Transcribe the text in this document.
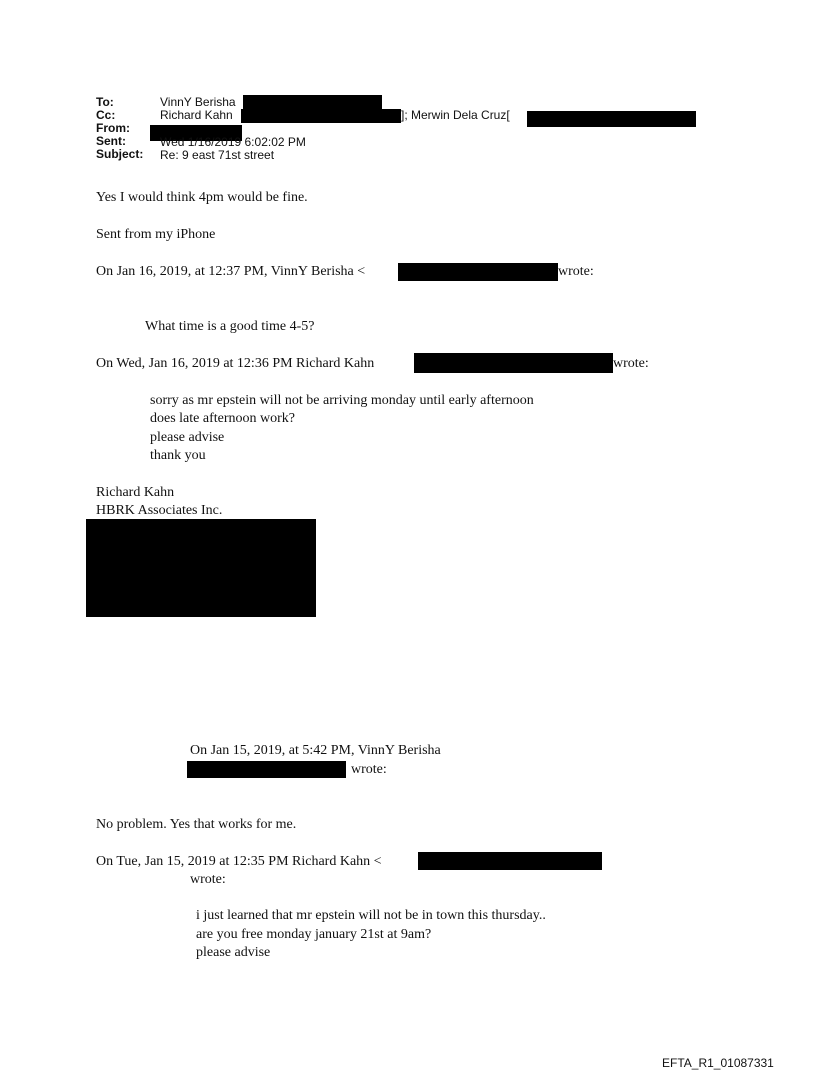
To:	VinnY Berisha
Cc:	Richard Kahn	]; Merwin Dela Cruz[
From:
Sent:	Wed 1/16/2019 6:02:02 PM
Subject: Re: 9 east 71st street
Yes I would think 4pm would be fine.
Sent from my iPhone
On Jan 16, 2019, at 12:37 PM, VinnY Berisha <	wrote:
What time is a good time 4-5?
On Wed, Jan 16, 2019 at 12:36 PM Richard Kahn	wrote:
sorry as mr epstein will not be arriving monday until early afternoon
does late afternoon work?
please advise
thank you
Richard Kahn
HBRK Associates Inc.
On Jan 15, 2019, at 5:42 PM, VinnY Berisha
wrote:
No problem. Yes that works for me.
On Tue, Jan 15, 2019 at 12:35 PM Richard Kahn <
wrote:
i just learned that mr epstein will not be in town this thursday..
are you free monday january 21st at 9am?
please advise
EFTA_R1_01087331
